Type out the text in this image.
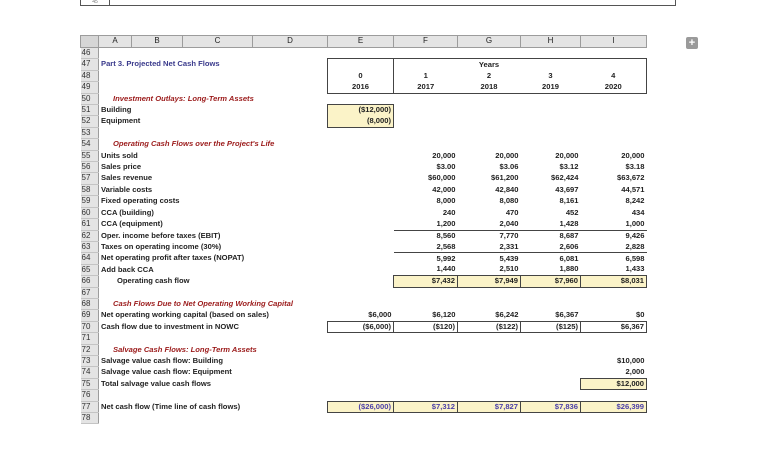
45
	A	B	C	D	E	F	G	H	I
46									
47	Part 3. Projected Net Cash Flows						Years		
48					0	1	2	3	4
49					2016	2017	2018	2019	2020
50	Investment Outlays: Long-Term Assets								
51	Building				($12,000)				
52	Equipment				(8,000)				
53									
54	Operating Cash Flows over the Project's Life								
55	Units sold					20,000	20,000	20,000	20,000
56	Sales price					$3.00	$3.06	$3.12	$3.18
57	Sales revenue					$60,000	$61,200	$62,424	$63,672
58	Variable costs					42,000	42,840	43,697	44,571
59	Fixed operating costs					8,000	8,080	8,161	8,242
60	CCA (building)					240	470	452	434
61	CCA (equipment)					1,200	2,040	1,428	1,000
62	Oper. income before taxes (EBIT)					8,560	7,770	8,687	9,426
63	Taxes on operating income (30%)					2,568	2,331	2,606	2,828
64	Net operating profit after taxes (NOPAT)					5,992	5,439	6,081	6,598
65	Add back CCA					1,440	2,510	1,880	1,433
66	Operating cash flow					$7,432	$7,949	$7,960	$8,031
67									
68	Cash Flows Due to Net Operating Working Capital								
69	Net operating working capital (based on sales)				$6,000	$6,120	$6,242	$6,367	$0
70	Cash flow due to investment in NOWC				($6,000)	($120)	($122)	($125)	$6,367
71									
72	Salvage Cash Flows: Long-Term Assets								
73	Salvage value cash flow: Building								$10,000
74	Salvage value cash flow: Equipment								2,000
75	Total salvage value cash flows								$12,000
76									
77	Net cash flow (Time line of cash flows)				($26,000)	$7,312	$7,827	$7,836	$26,399
78									
+
